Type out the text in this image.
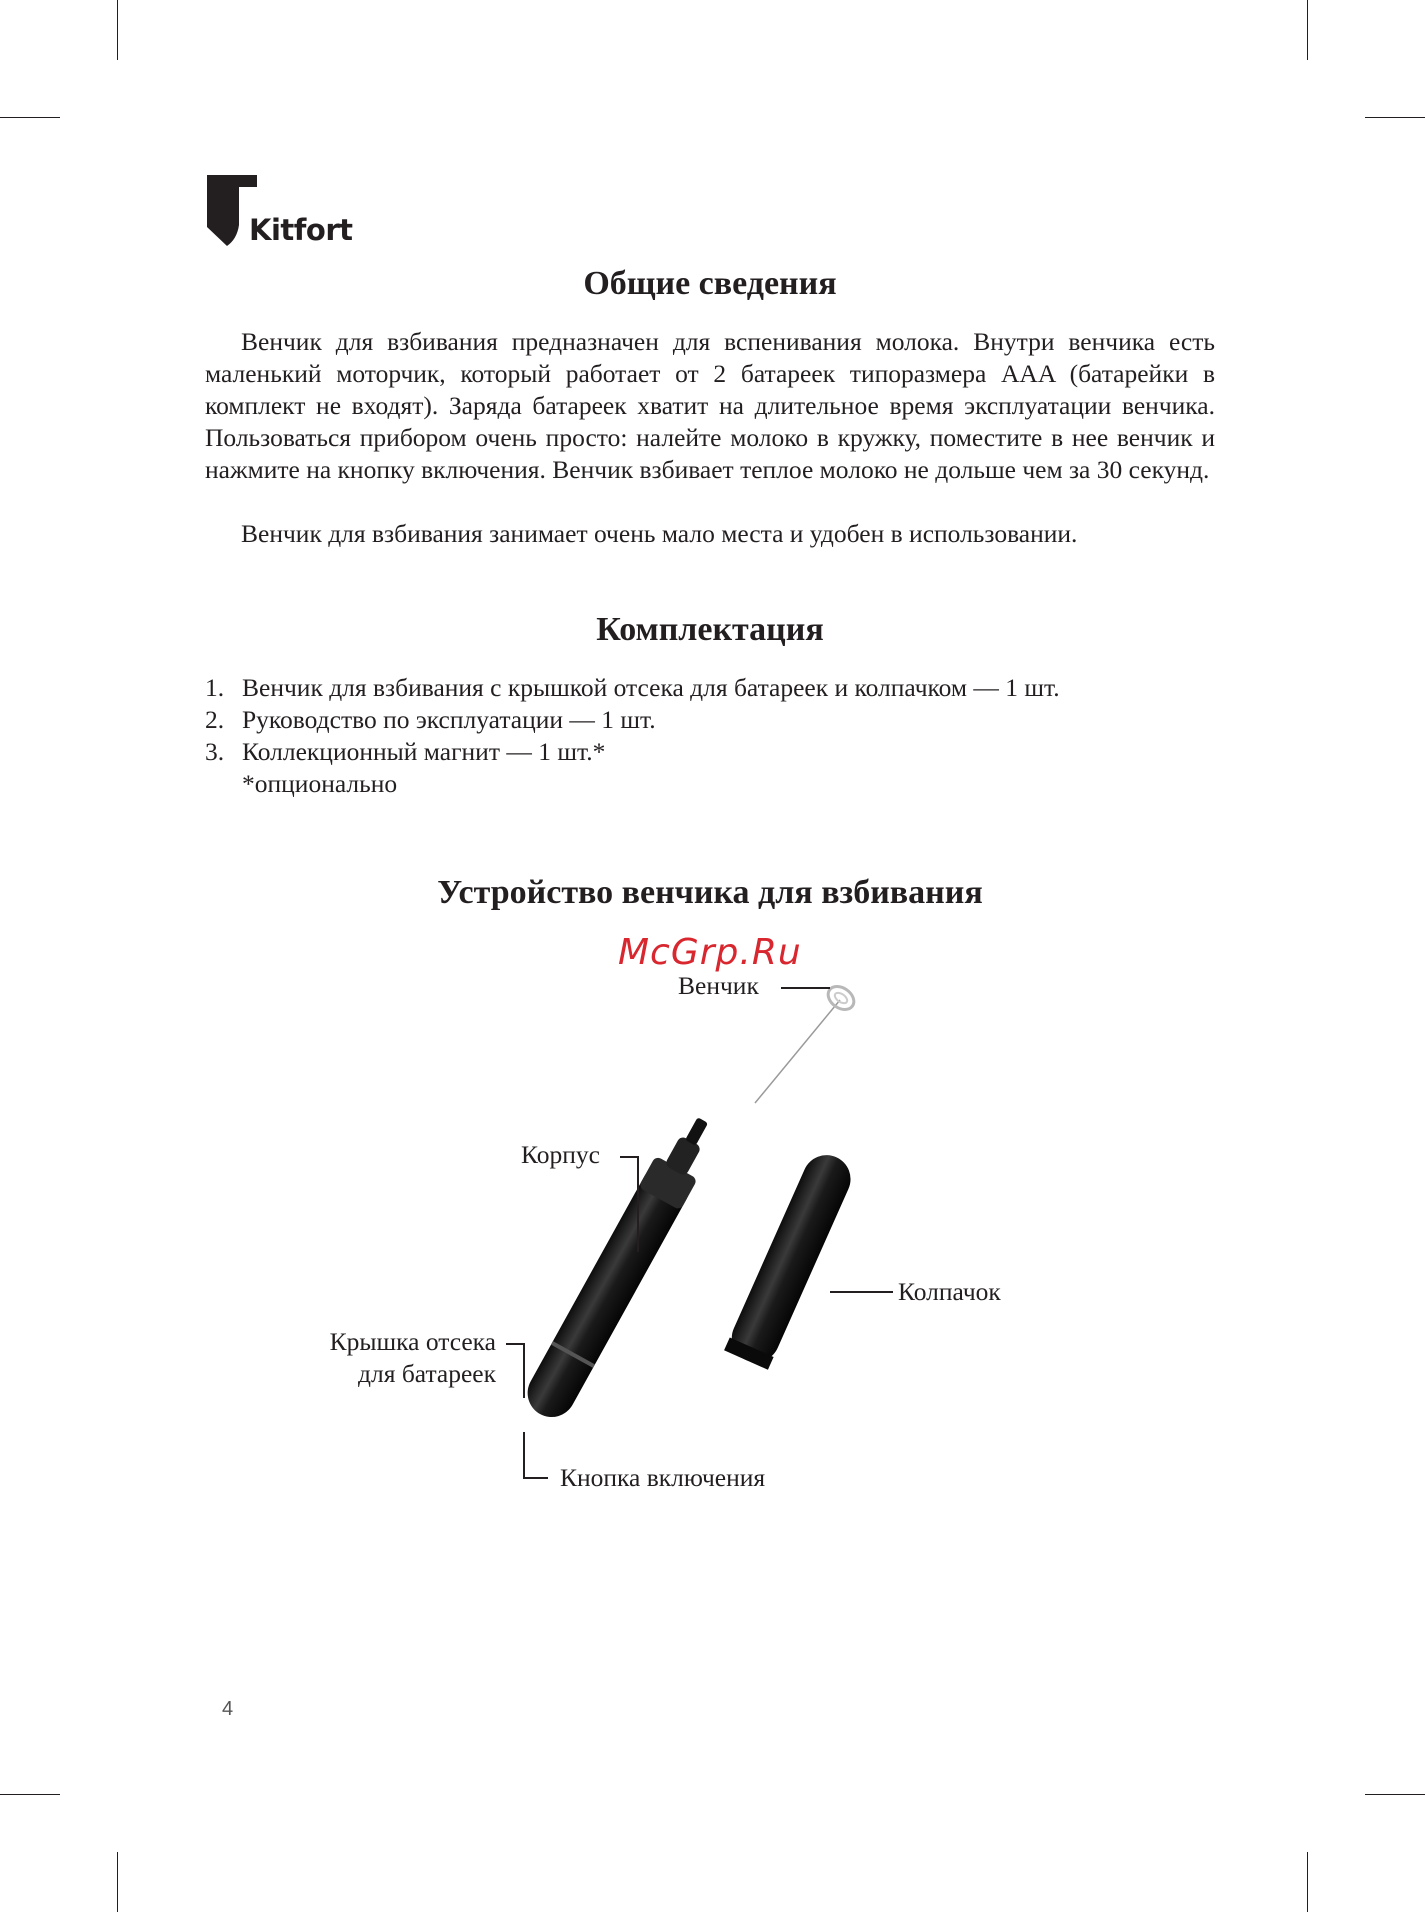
Kitfort
Общие сведения

Венчик для взбивания предназначен для вспенивания молока. Внутри венчика есть маленький моторчик, который работает от 2 батареек типоразмера AAA (батарейки в комплект не входят). Заряда батареек хватит на длительное время эксплуатации венчика. Пользоваться прибором очень просто: налейте молоко в кружку, поместите в нее венчик и нажмите на кнопку включения. Венчик взбивает теплое молоко не дольше чем за 30 секунд.

Венчик для взбивания занимает очень мало места и удобен в использовании.

Комплектация
1. Венчик для взбивания с крышкой отсека для батареек и колпачком — 1 шт.
2. Руководство по эксплуатации — 1 шт.
3. Коллекционный магнит — 1 шт.*
*опционально
Устройство венчика для взбивания
McGrp.Ru
Венчик
Корпус
Колпачок
Крышка отсека
для батареек
Кнопка включения
4
